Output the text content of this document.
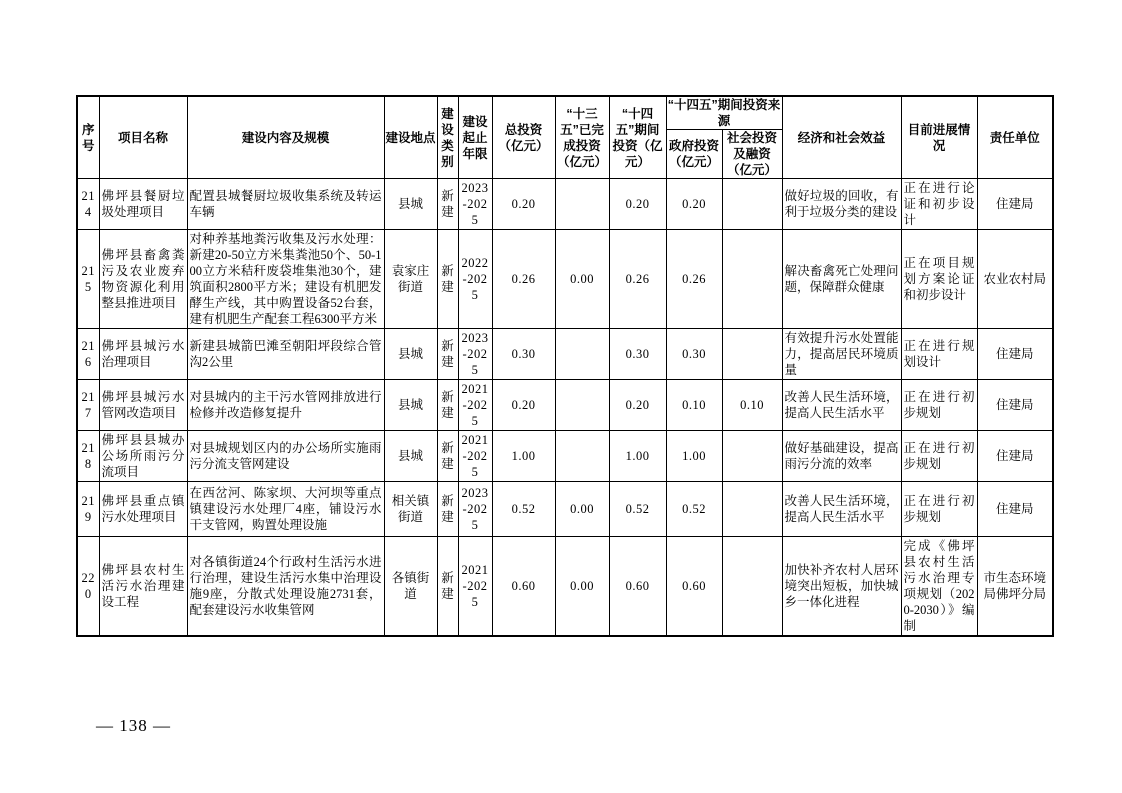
序号	项目名称	建设内容及规模	建设地点	建设类别	建设起止年限	总投资（亿元）	“十三五”已完成投资（亿元）	“十四五”期间投资（亿元）	“十四五”期间投资来源		经济和社会效益	目前进展情况	责任单位
									政府投资（亿元）	社会投资及融资（亿元）			
214	佛坪县餐厨垃圾处理项目	配置县城餐厨垃圾收集系统及转运车辆	县城	新建	2023-2025	0.20		0.20	0.20		做好垃圾的回收，有利于垃圾分类的建设	正在进行论证和初步设计	住建局
215	佛坪县畜禽粪污及农业废弃物资源化利用整县推进项目	对种养基地粪污收集及污水处理：新建20-50立方米集粪池50个、50-100立方米秸秆废袋堆集池30个，建筑面积2800平方米；建设有机肥发酵生产线，其中购置设备52台套，建有机肥生产配套工程6300平方米	袁家庄街道	新建	2022-2025	0.26	0.00	0.26	0.26		解决畜禽死亡处理问题，保障群众健康	正在项目规划方案论证和初步设计	农业农村局
216	佛坪县城污水治理项目	新建县城箭巴滩至朝阳坪段综合管沟2公里	县城	新建	2023-2025	0.30		0.30	0.30		有效提升污水处置能力，提高居民环境质量	正在进行规划设计	住建局
217	佛坪县城污水管网改造项目	对县城内的主干污水管网排放进行检修并改造修复提升	县城	新建	2021-2025	0.20		0.20	0.10	0.10	改善人民生活环境，提高人民生活水平	正在进行初步规划	住建局
218	佛坪县县城办公场所雨污分流项目	对县城规划区内的办公场所实施雨污分流支管网建设	县城	新建	2021-2025	1.00		1.00	1.00		做好基础建设，提高雨污分流的效率	正在进行初步规划	住建局
219	佛坪县重点镇污水处理项目	在西岔河、陈家坝、大河坝等重点镇建设污水处理厂4座，铺设污水干支管网，购置处理设施	相关镇街道	新建	2023-2025	0.52	0.00	0.52	0.52		改善人民生活环境，提高人民生活水平	正在进行初步规划	住建局
220	佛坪县农村生活污水治理建设工程	对各镇街道24个行政村生活污水进行治理，建设生活污水集中治理设施9座，分散式处理设施2731套，配套建设污水收集管网	各镇街道	新建	2021-2025	0.60	0.00	0.60	0.60		加快补齐农村人居环境突出短板，加快城乡一体化进程	完成《佛坪县农村生活污水治理专项规划（2020-2030）》编制	市生态环境局佛坪分局
— 138 —
